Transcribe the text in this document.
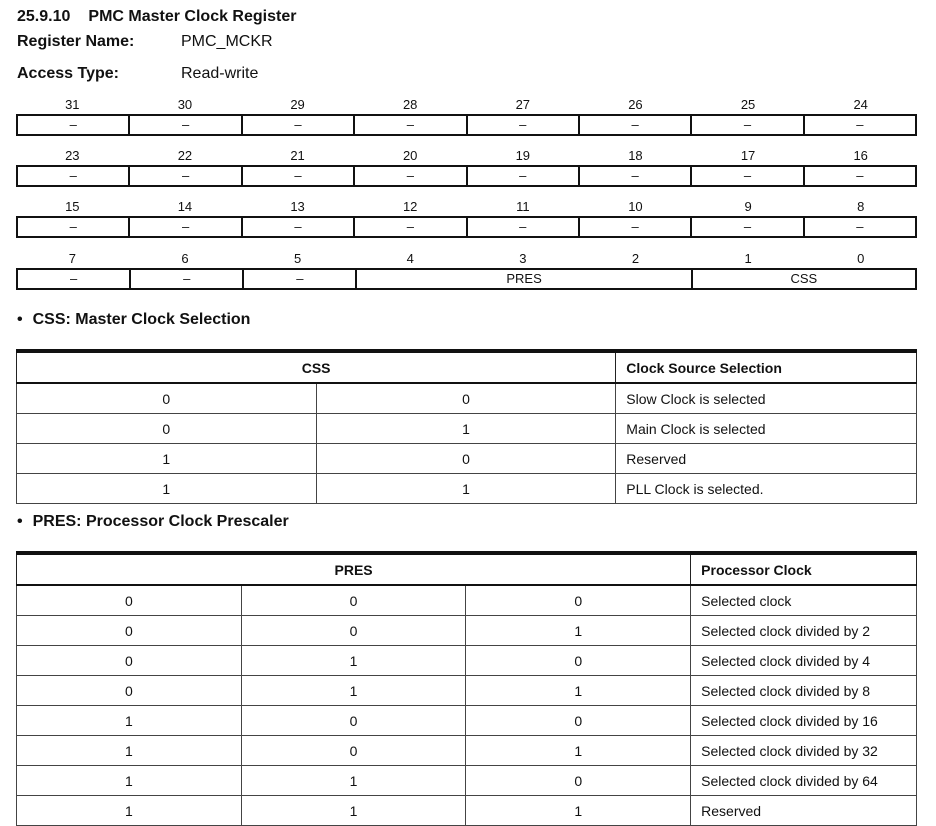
25.9.10 PMC Master Clock Register
Register Name:	PMC_MCKR
Access Type:	Read-write
31	30	29	28	27	26	25	24
–	–	–	–	–	–	–	–
23	22	21	20	19	18	17	16
–	–	–	–	–	–	–	–
15	14	13	12	11	10	9	8
–	–	–	–	–	–	–	–
7	6	5	4	3	2	1	0
–	–	–	PRES	CSS
• CSS: Master Clock Selection
CSS		Clock Source Selection
0	0	Slow Clock is selected
0	1	Main Clock is selected
1	0	Reserved
1	1	PLL Clock is selected.
• PRES: Processor Clock Prescaler
PRES			Processor Clock
0	0	0	Selected clock
0	0	1	Selected clock divided by 2
0	1	0	Selected clock divided by 4
0	1	1	Selected clock divided by 8
1	0	0	Selected clock divided by 16
1	0	1	Selected clock divided by 32
1	1	0	Selected clock divided by 64
1	1	1	Reserved
